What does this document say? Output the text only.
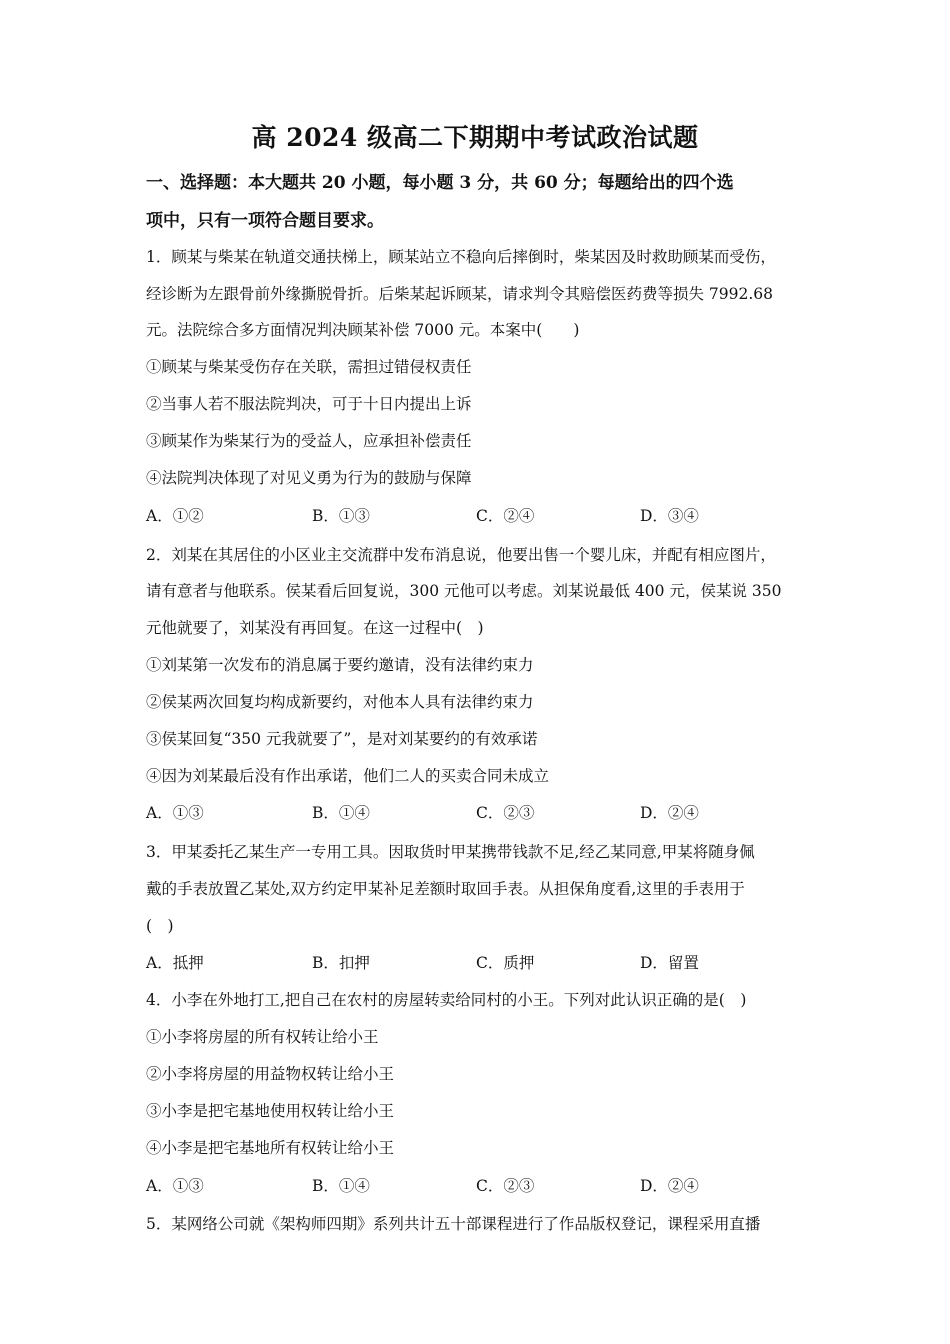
高 2024 级高二下期期中考试政治试题
一、选择题：本大题共 20 小题，每小题 3 分，共 60 分；每题给出的四个选
项中，只有一项符合题目要求。
1．顾某与柴某在轨道交通扶梯上，顾某站立不稳向后摔倒时，柴某因及时救助顾某而受伤，
经诊断为左跟骨前外缘撕脱骨折。后柴某起诉顾某，请求判令其赔偿医药费等损失 7992.68
元。法院综合多方面情况判决顾某补偿 7000 元。本案中(　　)
①顾某与柴某受伤存在关联，需担过错侵权责任
②当事人若不服法院判决，可于十日内提出上诉
③顾某作为柴某行为的受益人，应承担补偿责任
④法院判决体现了对见义勇为行为的鼓励与保障
A．①②	B．①③	C．②④	D．③④
2．刘某在其居住的小区业主交流群中发布消息说，他要出售一个婴儿床，并配有相应图片，
请有意者与他联系。侯某看后回复说，300 元他可以考虑。刘某说最低 400 元，侯某说 350
元他就要了，刘某没有再回复。在这一过程中(　)
①刘某第一次发布的消息属于要约邀请，没有法律约束力
②侯某两次回复均构成新要约，对他本人具有法律约束力
③侯某回复“350 元我就要了”，是对刘某要约的有效承诺
④因为刘某最后没有作出承诺，他们二人的买卖合同未成立
A．①③	B．①④	C．②③	D．②④
3．甲某委托乙某生产一专用工具。因取货时甲某携带钱款不足,经乙某同意,甲某将随身佩
戴的手表放置乙某处,双方约定甲某补足差额时取回手表。从担保角度看,这里的手表用于
(　)
A．抵押	B．扣押	C．质押	D．留置
4．小李在外地打工,把自己在农村的房屋转卖给同村的小王。下列对此认识正确的是(　)
①小李将房屋的所有权转让给小王
②小李将房屋的用益物权转让给小王
③小李是把宅基地使用权转让给小王
④小李是把宅基地所有权转让给小王
A．①③	B．①④	C．②③	D．②④
5．某网络公司就《架构师四期》系列共计五十部课程进行了作品版权登记，课程采用直播
